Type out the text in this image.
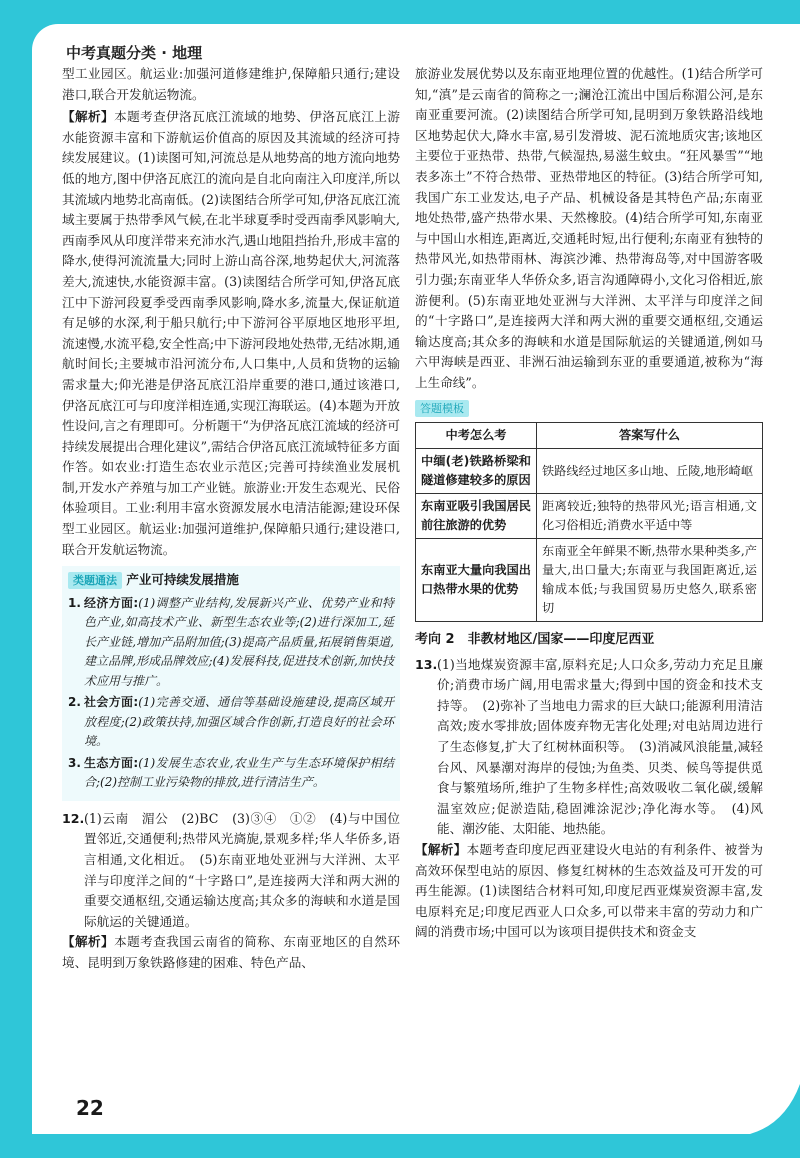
中考真题分类 · 地理

型工业园区。航运业:加强河道修建维护,保障船只通行;建设港口,联合开发航运物流。

【解析】本题考查伊洛瓦底江流域的地势、伊洛瓦底江上游水能资源丰富和下游航运价值高的原因及其流域的经济可持续发展建议。(1)读图可知,河流总是从地势高的地方流向地势低的地方,图中伊洛瓦底江的流向是自北向南注入印度洋,所以其流域内地势北高南低。(2)读图结合所学可知,伊洛瓦底江流域主要属于热带季风气候,在北半球夏季时受西南季风影响大,西南季风从印度洋带来充沛水汽,遇山地阻挡抬升,形成丰富的降水,使得河流流量大;同时上游山高谷深,地势起伏大,河流落差大,流速快,水能资源丰富。(3)读图结合所学可知,伊洛瓦底江中下游河段夏季受西南季风影响,降水多,流量大,保证航道有足够的水深,利于船只航行;中下游河谷平原地区地形平坦,流速慢,水流平稳,安全性高;中下游河段地处热带,无结冰期,通航时间长;主要城市沿河流分布,人口集中,人员和货物的运输需求量大;仰光港是伊洛瓦底江沿岸重要的港口,通过该港口,伊洛瓦底江可与印度洋相连通,实现江海联运。(4)本题为开放性设问,言之有理即可。分析题干“为伊洛瓦底江流域的经济可持续发展提出合理化建议”,需结合伊洛瓦底江流域特征多方面作答。如农业:打造生态农业示范区;完善可持续渔业发展机制,开发水产养殖与加工产业链。旅游业:开发生态观光、民俗体验项目。工业:利用丰富水资源发展水电清洁能源;建设环保型工业园区。航运业:加强河道维护,保障船只通行;建设港口,联合开发航运物流。

类题通法 产业可持续发展措施
1. 经济方面:(1)调整产业结构,发展新兴产业、优势产业和特色产业,如高技术产业、新型生态农业等;(2)进行深加工,延长产业链,增加产品附加值;(3)提高产品质量,拓展销售渠道,建立品牌,形成品牌效应;(4)发展科技,促进技术创新,加快技术应用与推广。
2. 社会方面:(1)完善交通、通信等基础设施建设,提高区域开放程度;(2)政策扶持,加强区域合作创新,打造良好的社会环境。
3. 生态方面:(1)发展生态农业,农业生产与生态环境保护相结合;(2)控制工业污染物的排放,进行清洁生产。
12. (1)云南　湄公　(2)BC　(3)③④　①②　(4)与中国位置邻近,交通便利;热带风光旖旎,景观多样;华人华侨多,语言相通,文化相近。　(5)东南亚地处亚洲与大洋洲、太平洋与印度洋之间的“十字路口”,是连接两大洋和两大洲的重要交通枢纽,交通运输达度高;其众多的海峡和水道是国际航运的关键通道。

【解析】本题考查我国云南省的简称、东南亚地区的自然环境、昆明到万象铁路修建的困难、特色产品、

旅游业发展优势以及东南亚地理位置的优越性。(1)结合所学可知,“滇”是云南省的简称之一;澜沧江流出中国后称湄公河,是东南亚重要河流。(2)读图结合所学可知,昆明到万象铁路沿线地区地势起伏大,降水丰富,易引发滑坡、泥石流地质灾害;该地区主要位于亚热带、热带,气候湿热,易滋生蚊虫。“狂风暴雪”“地表多冻土”不符合热带、亚热带地区的特征。(3)结合所学可知,我国广东工业发达,电子产品、机械设备是其特色产品;东南亚地处热带,盛产热带水果、天然橡胶。(4)结合所学可知,东南亚与中国山水相连,距离近,交通耗时短,出行便利;东南亚有独特的热带风光,如热带雨林、海滨沙滩、热带海岛等,对中国游客吸引力强;东南亚华人华侨众多,语言沟通障碍小,文化习俗相近,旅游便利。(5)东南亚地处亚洲与大洋洲、太平洋与印度洋之间的“十字路口”,是连接两大洋和两大洲的重要交通枢纽,交通运输达度高;其众多的海峡和水道是国际航运的关键通道,例如马六甲海峡是西亚、非洲石油运输到东亚的重要通道,被称为“海上生命线”。

答题模板
中考怎么考	答案写什么
中缅(老)铁路桥梁和隧道修建较多的原因	铁路线经过地区多山地、丘陵,地形崎岖
东南亚吸引我国居民前往旅游的优势	距离较近;独特的热带风光;语言相通,文化习俗相近;消费水平适中等
东南亚大量向我国出口热带水果的优势	东南亚全年鲜果不断,热带水果种类多,产量大,出口量大;东南亚与我国距离近,运输成本低;与我国贸易历史悠久,联系密切
考向 2　非教材地区/国家——印度尼西亚
13. (1)当地煤炭资源丰富,原料充足;人口众多,劳动力充足且廉价;消费市场广阔,用电需求量大;得到中国的资金和技术支持等。　(2)弥补了当地电力需求的巨大缺口;能源利用清洁高效;废水零排放;固体废弃物无害化处理;对电站周边进行了生态修复,扩大了红树林面积等。　(3)消减风浪能量,减轻台风、风暴潮对海岸的侵蚀;为鱼类、贝类、候鸟等提供觅食与繁殖场所,维护了生物多样性;高效吸收二氧化碳,缓解温室效应;促淤造陆,稳固滩涂泥沙;净化海水等。　(4)风能、潮汐能、太阳能、地热能。

【解析】本题考查印度尼西亚建设火电站的有利条件、被誉为高效环保型电站的原因、修复红树林的生态效益及可开发的可再生能源。(1)读图结合材料可知,印度尼西亚煤炭资源丰富,发电原料充足;印度尼西亚人口众多,可以带来丰富的劳动力和广阔的消费市场;中国可以为该项目提供技术和资金支

22
